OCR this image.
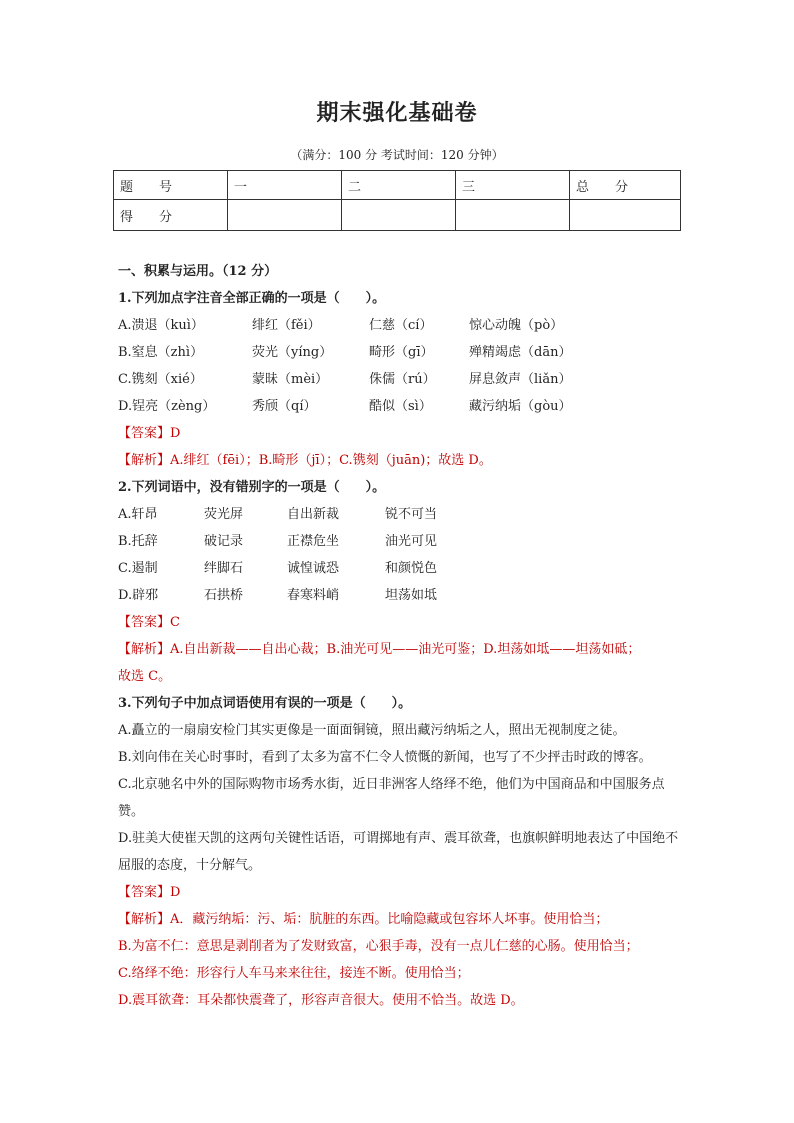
期末强化基础卷
（满分：100 分 考试时间：120 分钟）
题　　号	一	二	三	总　　分
得　　分				
一、积累与运用。（12 分）
1.下列加点字注音全部正确的一项是（　　）。
A.溃退（kuì）	绯红（fěi）	仁慈（cí）	惊心动魄（pò）
B.窒息（zhì）	荧光（yíng）	畸形（gī）	殚精竭虑（dān）
C.镌刻（xié）	蒙昧（mèi）	侏儒（rú）	屏息敛声（liǎn）
D.锃亮（zèng）	秀颀（qí）	酷似（sì）	藏污纳垢（gòu）
【答案】D
【解析】A.绯红（fēi）；B.畸形（jī）；C.镌刻（juān)；故选 D。
2.下列词语中，没有错别字的一项是（　　）。
A.轩昂	荧光屏	自出新裁	锐不可当
B.托辞	破记录	正襟危坐	油光可见
C.遏制	绊脚石	诚惶诚恐	和颜悦色
D.辟邪	石拱桥	春寒料峭	坦荡如坻
【答案】C
【解析】A.自出新裁——自出心裁；B.油光可见——油光可鉴；D.坦荡如坻——坦荡如砥；
故选 C。
3.下列句子中加点词语使用有误的一项是（　　）。
A.矗立的一扇扇安检门其实更像是一面面铜镜，照出藏污纳垢之人，照出无视制度之徒。
B.刘向伟在关心时事时，看到了太多为富不仁令人愤慨的新闻，也写了不少抨击时政的博客。
C.北京驰名中外的国际购物市场秀水街，近日非洲客人络绎不绝，他们为中国商品和中国服务点赞。
D.驻美大使崔天凯的这两句关键性话语，可谓掷地有声、震耳欲聋，也旗帜鲜明地表达了中国绝不屈服的态度，十分解气。
【答案】D
【解析】A．藏污纳垢：污、垢：肮脏的东西。比喻隐藏或包容坏人坏事。使用恰当；
B.为富不仁：意思是剥削者为了发财致富，心狠手毒，没有一点儿仁慈的心肠。使用恰当；
C.络绎不绝：形容行人车马来来往往，接连不断。使用恰当；
D.震耳欲聋：耳朵都快震聋了，形容声音很大。使用不恰当。故选 D。
